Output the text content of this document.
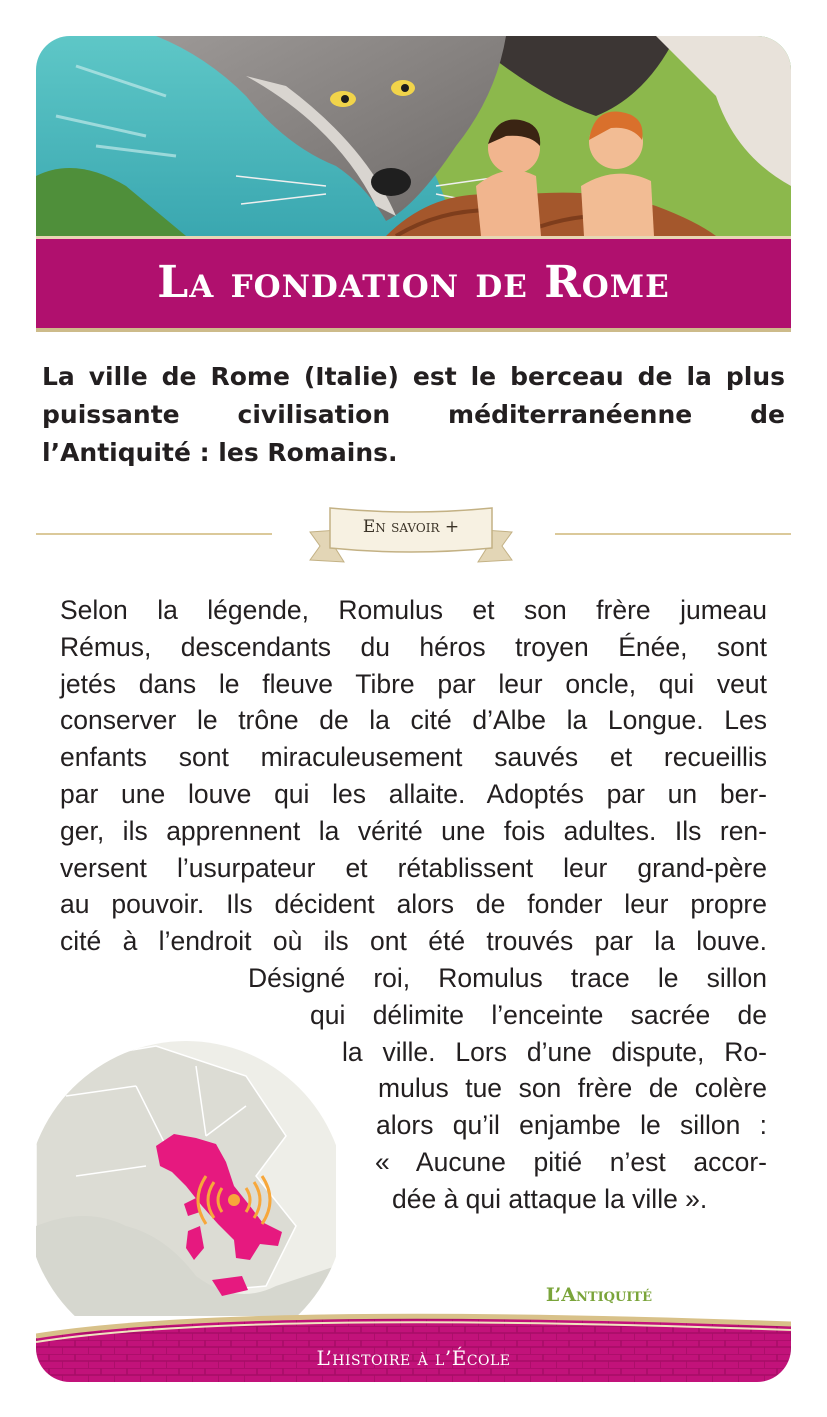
La fondation de Rome

La ville de Rome (Italie) est le berceau de la plus puissante civilisation méditerranéenne de l’Antiquité : les Romains.

En savoir +
Selon la légende, Romulus et son frère jumeau
Rémus, descendants du héros troyen Énée, sont
jetés dans le fleuve Tibre par leur oncle, qui veut
conserver le trône de la cité d’Albe la Longue. Les
enfants sont miraculeusement sauvés et recueillis
par une louve qui les allaite. Adoptés par un ber-
ger, ils apprennent la vérité une fois adultes. Ils ren-
versent l’usurpateur et rétablissent leur grand-père
au pouvoir. Ils décident alors de fonder leur propre
cité à l’endroit où ils ont été trouvés par la louve.
Désigné roi, Romulus trace le sillon
qui délimite l’enceinte sacrée de
la ville. Lors d’une dispute, Ro-
mulus tue son frère de colère
alors qu’il enjambe le sillon :
« Aucune pitié n’est accor-
dée à qui attaque la ville ».
L’Antiquité
L’histoire à l’École
